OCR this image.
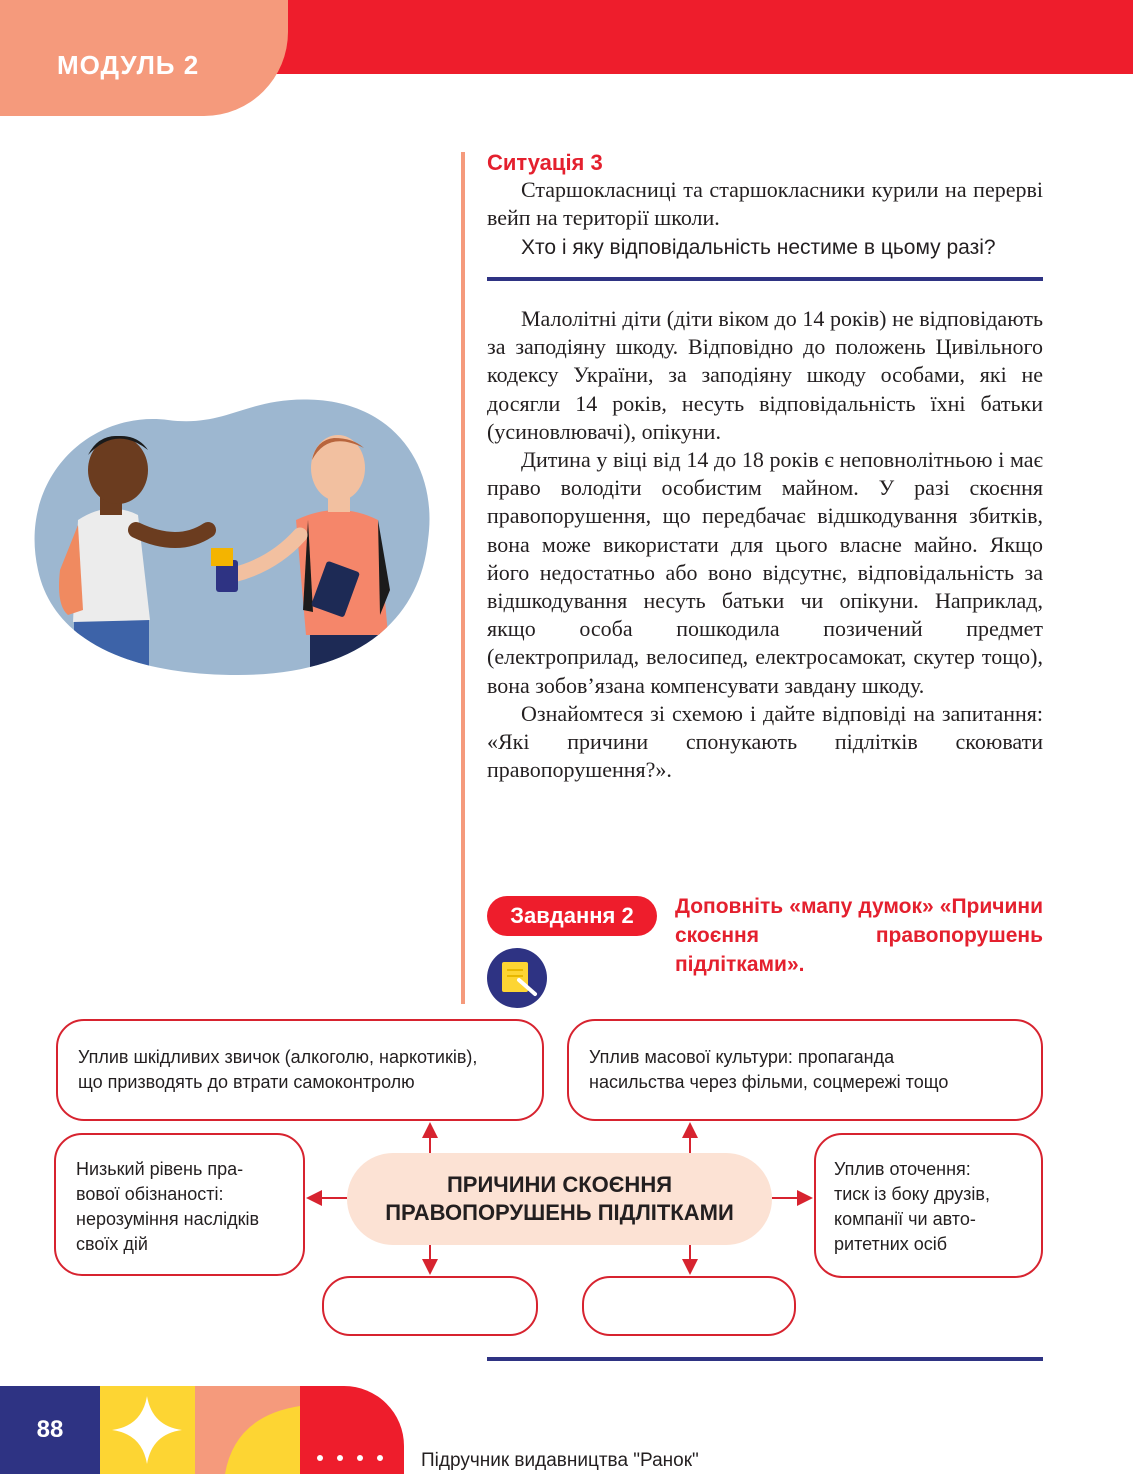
МОДУЛЬ 2
Ситуація 3
Старшокласниці та старшокласники курили на перерві вейп на території школи.
Хто і яку відповідальність нестиме в цьому разі?

Малолітні діти (діти віком до 14 років) не відповідають за заподіяну шкоду. Відповідно до положень Цивільного кодексу України, за заподіяну шкоду особами, які не досягли 14 років, несуть відповідальність їхні батьки (усиновлювачі), опікуни.

Дитина у віці від 14 до 18 років є неповнолітньою і має право володіти особистим майном. У разі скоєння правопорушення, що передбачає відшкодування збитків, вона може використати для цього власне майно. Якщо його недостатньо або воно відсутнє, відповідальність за відшкодування несуть батьки чи опікуни. Наприклад, якщо особа пошкодила позичений предмет (електроприлад, велосипед, електросамокат, скутер тощо), вона зобов’язана компенсувати завдану шкоду.

Ознайомтеся зі схемою і дайте відповіді на запитання: «Які причини спонукають підлітків скоювати правопорушення?».

Завдання 2	Доповніть «мапу думок» «Причини скоєння правопорушень підлітками».
Уплив шкідливих звичок (алкоголю, наркотиків),
що призводять до втрати самоконтролю
Уплив масової культури: пропаганда
насильства через фільми, соцмережі тощо
Низький рівень пра-
вової обізнаності:
нерозуміння наслідків
своїх дій
Уплив оточення:
тиск із боку друзів,
компанії чи авто-
ритетних осіб
ПРИЧИНИ СКОЄННЯ
ПРАВОПОРУШЕНЬ ПІДЛІТКАМИ
88
Підручник видавництва "Ранок"
